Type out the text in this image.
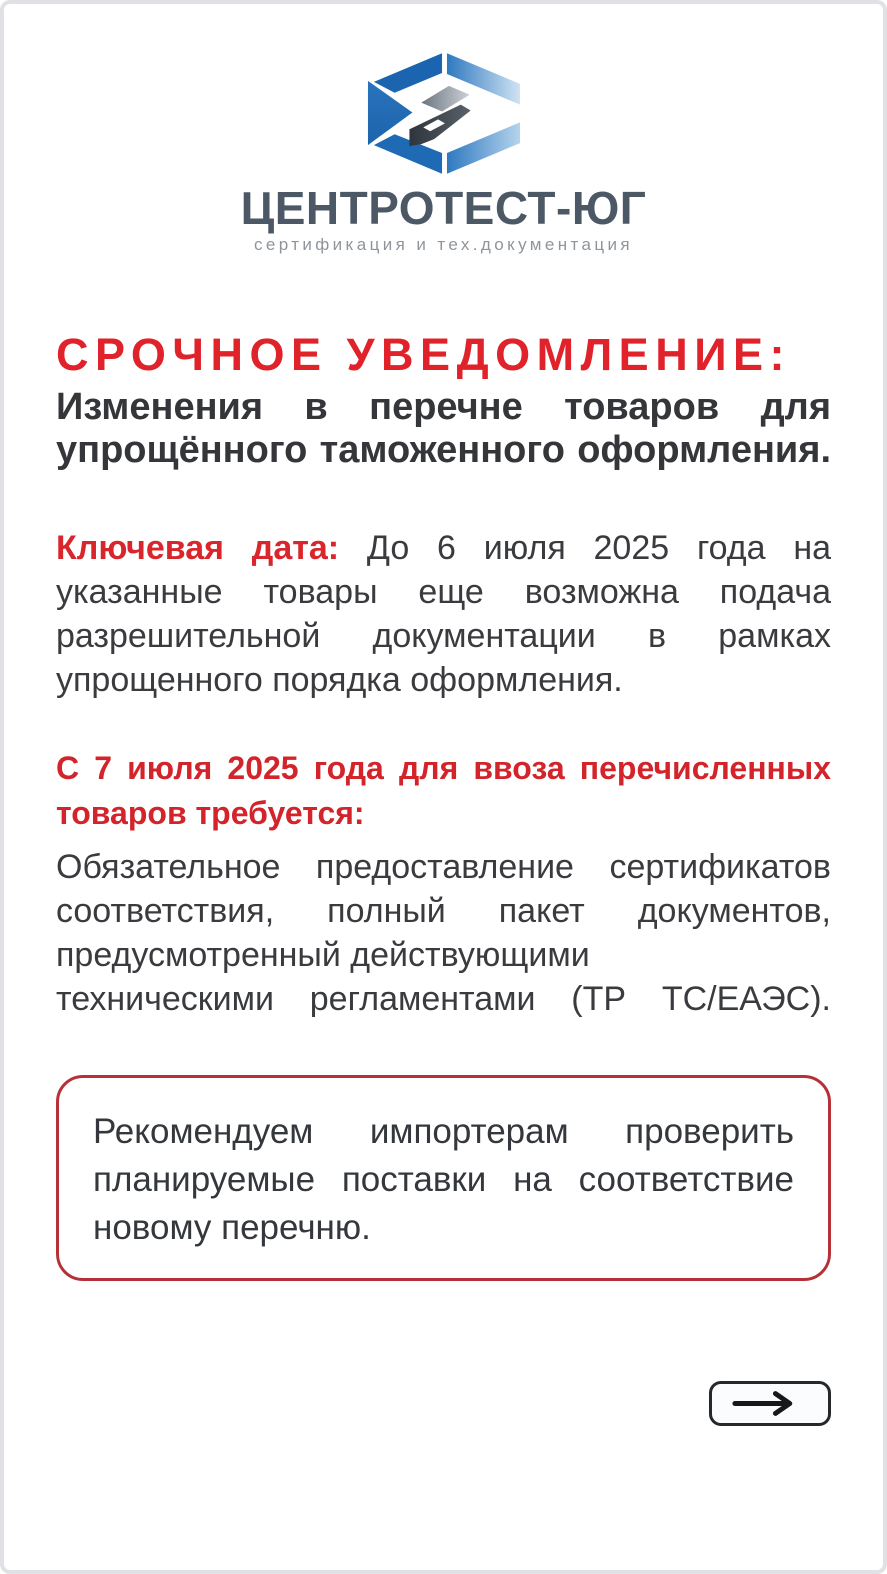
ЦЕНТРОТЕСТ-ЮГ
сертификация и тех.документация
СРОЧНОЕ УВЕДОМЛЕНИЕ:
Изменения в перечне товаров для
упрощённого таможенного оформления.
Ключевая дата: До 6 июля 2025 года на
указанные товары еще возможна подача
разрешительной документации в рамках
упрощенного порядка оформления.
С 7 июля 2025 года для ввоза перечисленных
товаров требуется:
Обязательное предоставление сертификатов
соответствия, полный пакет документов,
предусмотренный действующими
техническими регламентами (ТР ТС/ЕАЭС).
Рекомендуем импортерам проверить
планируемые поставки на соответствие
новому перечню.
